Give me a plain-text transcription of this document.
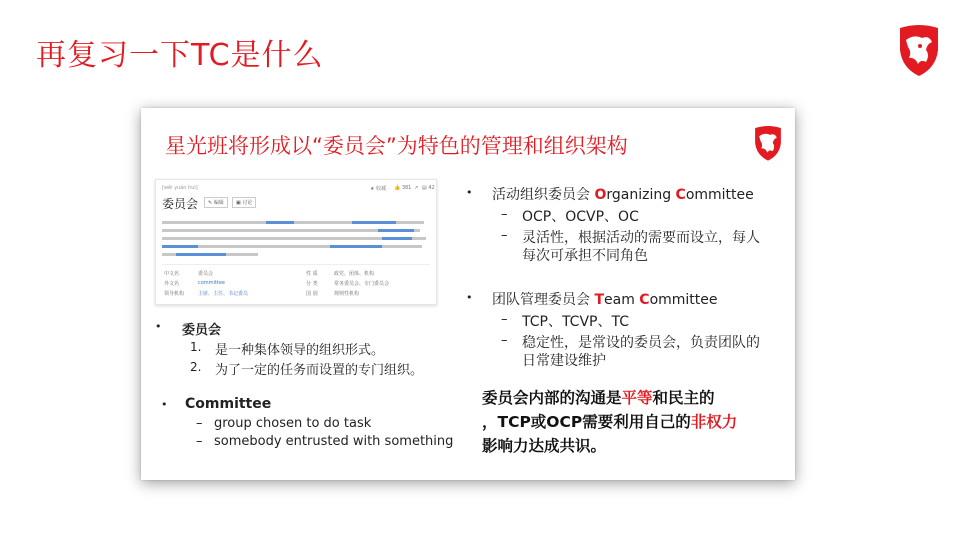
再复习一下TC是什么
星光班将形成以“委员会”为特色的管理和组织架构
[wěi yuán huì]
委员会	✎ 编辑	▣ 讨论
★ 收藏 👍 381 ↗ ▤ 42
中文名	委员会	性 质	政党、团体、机构
外文名	committee	分 类	常务委员会、专门委员会
领导机构	主席、主任、书记委员	国 别	规则性机构
• 委员会
1. 是一种集体领导的组织形式。
2. 为了一定的任务而设置的专门组织。
• Committee
– group chosen to do task
– somebody entrusted with something
• 活动组织委员会 Organizing Committee
– OCP、OCVP、OC
– 灵活性，根据活动的需要而设立，每人
每次可承担不同角色
• 团队管理委员会 Team Committee
– TCP、TCVP、TC
– 稳定性，是常设的委员会，负责团队的
日常建设维护
委员会内部的沟通是平等和民主的
，TCP或OCP需要利用自己的非权力
影响力达成共识。
